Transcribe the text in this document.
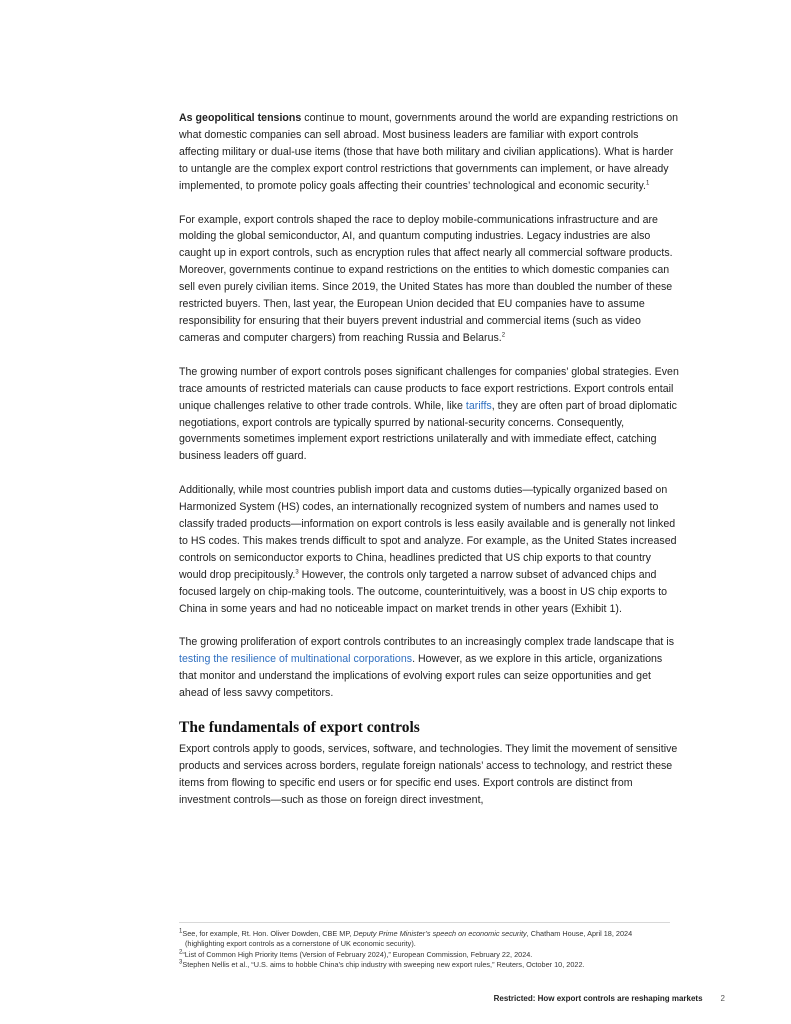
As geopolitical tensions continue to mount, governments around the world are expanding restrictions on what domestic companies can sell abroad. Most business leaders are familiar with export controls affecting military or dual-use items (those that have both military and civilian applications). What is harder to untangle are the complex export control restrictions that governments can implement, or have already implemented, to promote policy goals affecting their countries’ technological and economic security.$^1$

For example, export controls shaped the race to deploy mobile-communications infrastructure and are molding the global semiconductor, AI, and quantum computing industries. Legacy industries are also caught up in export controls, such as encryption rules that affect nearly all commercial software products. Moreover, governments continue to expand restrictions on the entities to which domestic companies can sell even purely civilian items. Since 2019, the United States has more than doubled the number of these restricted buyers. Then, last year, the European Union decided that EU companies have to assume responsibility for ensuring that their buyers prevent industrial and commercial items (such as video cameras and computer chargers) from reaching Russia and Belarus.$^2$

The growing number of export controls poses significant challenges for companies’ global strategies. Even trace amounts of restricted materials can cause products to face export restrictions. Export controls entail unique challenges relative to other trade controls. While, like tariffs, they are often part of broad diplomatic negotiations, export controls are typically spurred by national-security concerns. Consequently, governments sometimes implement export restrictions unilaterally and with immediate effect, catching business leaders off guard.

Additionally, while most countries publish import data and customs duties—typically organized based on Harmonized System (HS) codes, an internationally recognized system of numbers and names used to classify traded products—information on export controls is less easily available and is generally not linked to HS codes. This makes trends difficult to spot and analyze. For example, as the United States increased controls on semiconductor exports to China, headlines predicted that US chip exports to that country would drop precipitously.$^3$ However, the controls only targeted a narrow subset of advanced chips and focused largely on chip-making tools. The outcome, counterintuitively, was a boost in US chip exports to China in some years and had no noticeable impact on market trends in other years (Exhibit 1).

The growing proliferation of export controls contributes to an increasingly complex trade landscape that is testing the resilience of multinational corporations. However, as we explore in this article, organizations that monitor and understand the implications of evolving export rules can seize opportunities and get ahead of less savvy competitors.

The fundamentals of export controls

Export controls apply to goods, services, software, and technologies. They limit the movement of sensitive products and services across borders, regulate foreign nationals’ access to technology, and restrict these items from flowing to specific end users or for specific end uses. Export controls are distinct from investment controls—such as those on foreign direct investment,

$^1$See, for example, Rt. Hon. Oliver Dowden, CBE MP, Deputy Prime Minister’s speech on economic security, Chatham House, April 18, 2024 (highlighting export controls as a cornerstone of UK economic security).

$^2$“List of Common High Priority Items (Version of February 2024),” European Commission, February 22, 2024.

$^3$Stephen Nellis et al., “U.S. aims to hobble China’s chip industry with sweeping new export rules,” Reuters, October 10, 2022.

Restricted: How export controls are reshaping markets 2
